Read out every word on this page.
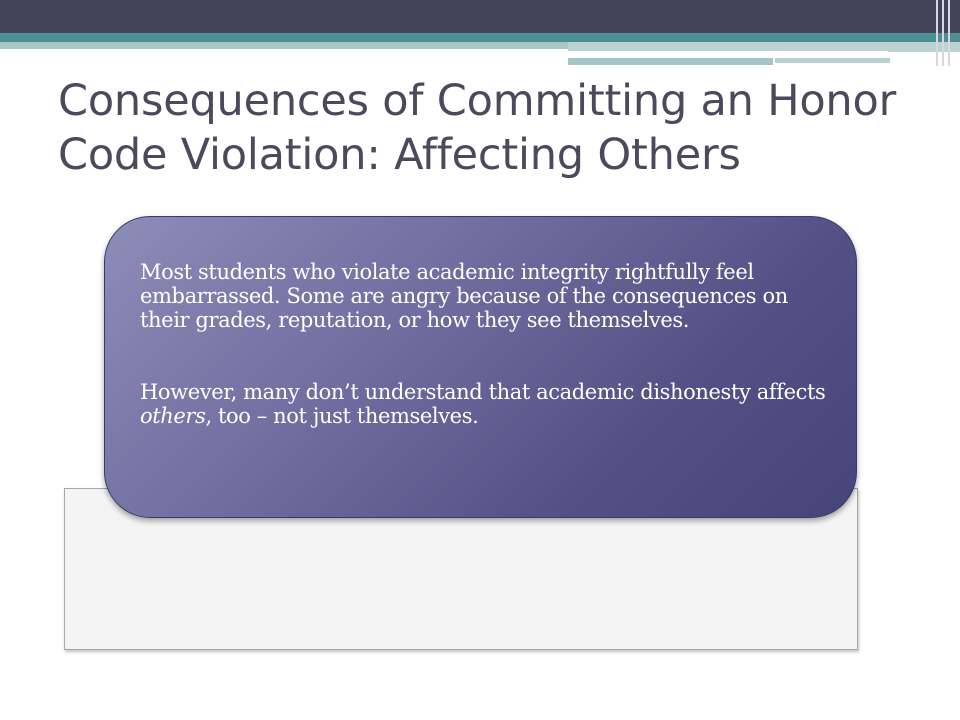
Consequences of Committing an Honor
Code Violation: Affecting Others

Most students who violate academic integrity rightfully feel embarrassed. Some are angry because of the consequences on their grades, reputation, or how they see themselves.

However, many don’t understand that academic dishonesty affects others, too – not just themselves.
